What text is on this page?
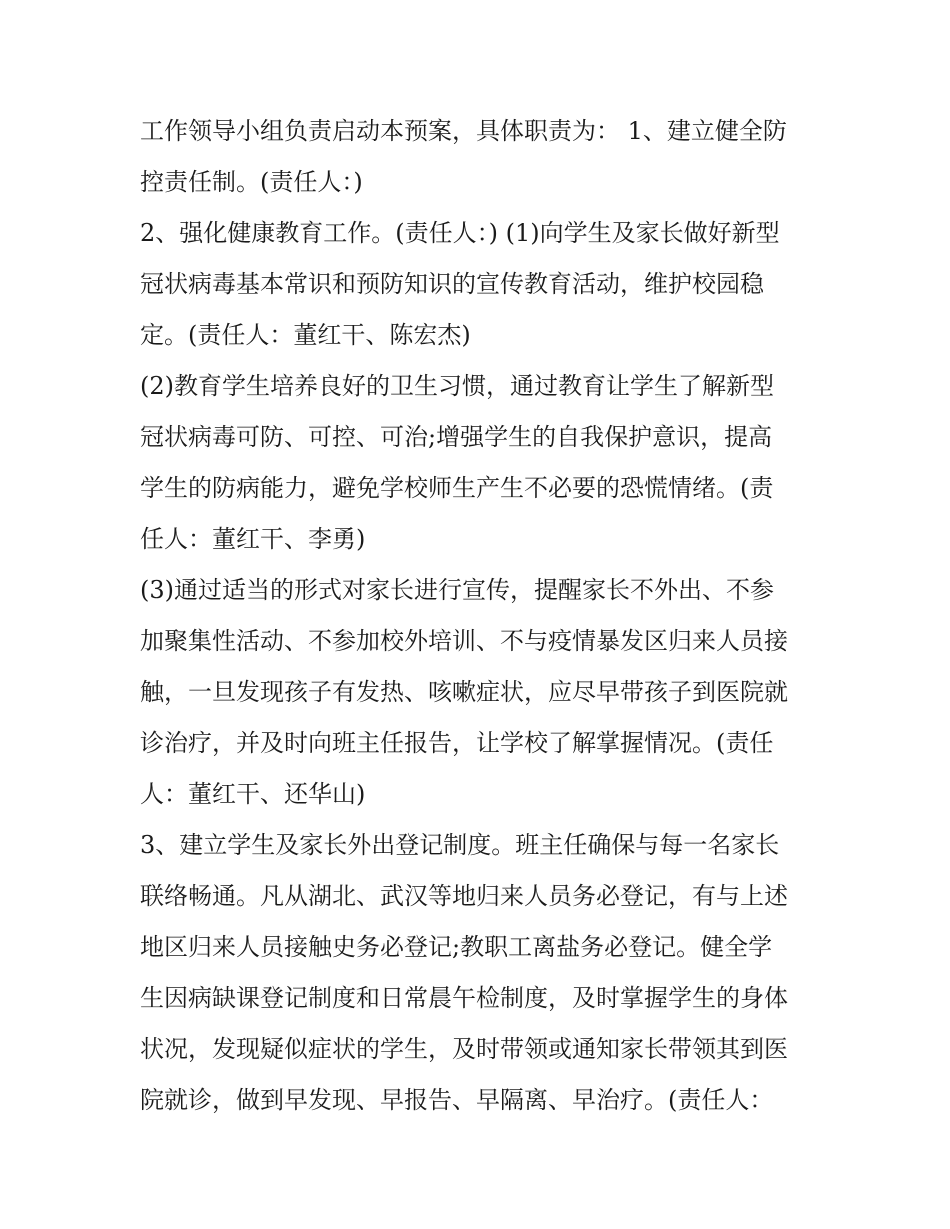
工作领导小组负责启动本预案，具体职责为： 1、建立健全防
控责任制。(责任人：)
2、强化健康教育工作。(责任人：) (1)向学生及家长做好新型
冠状病毒基本常识和预防知识的宣传教育活动，维护校园稳
定。(责任人：董红干、陈宏杰)
(2)教育学生培养良好的卫生习惯，通过教育让学生了解新型
冠状病毒可防、可控、可治;增强学生的自我保护意识，提高
学生的防病能力，避免学校师生产生不必要的恐慌情绪。(责
任人：董红干、李勇)
(3)通过适当的形式对家长进行宣传，提醒家长不外出、不参
加聚集性活动、不参加校外培训、不与疫情暴发区归来人员接
触，一旦发现孩子有发热、咳嗽症状，应尽早带孩子到医院就
诊治疗，并及时向班主任报告，让学校了解掌握情况。(责任
人：董红干、还华山)
3、建立学生及家长外出登记制度。班主任确保与每一名家长
联络畅通。凡从湖北、武汉等地归来人员务必登记，有与上述
地区归来人员接触史务必登记;教职工离盐务必登记。健全学
生因病缺课登记制度和日常晨午检制度，及时掌握学生的身体
状况，发现疑似症状的学生，及时带领或通知家长带领其到医
院就诊，做到早发现、早报告、早隔离、早治疗。(责任人：
